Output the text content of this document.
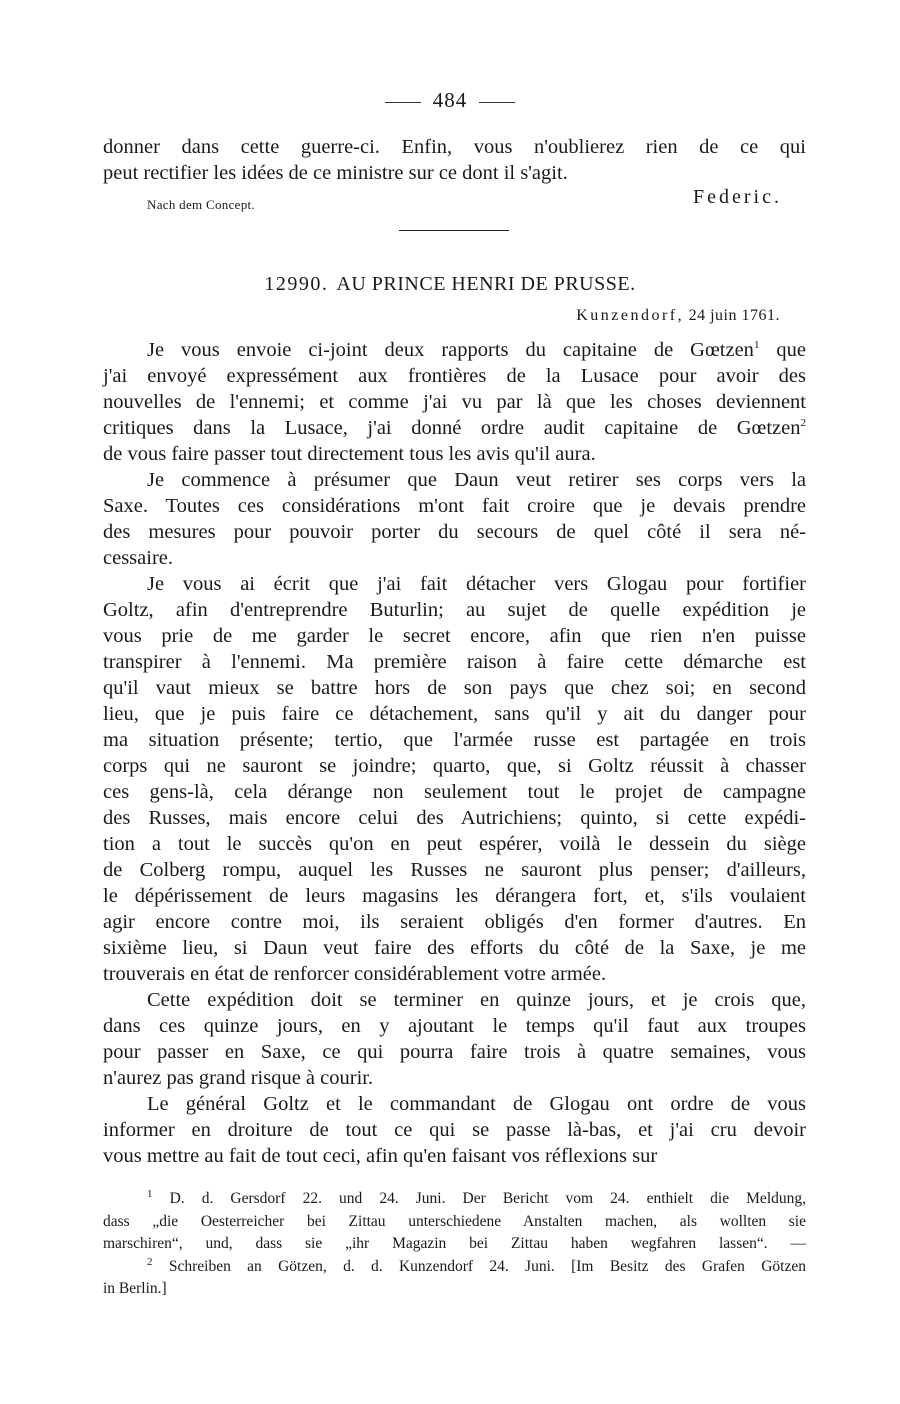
484
donner dans cette guerre-ci. Enfin, vous n'oublierez rien de ce qui
peut rectifier les idées de ce ministre sur ce dont il s'agit.
Nach dem Concept.	Federic.
12990. AU PRINCE HENRI DE PRUSSE.
Kunzendorf, 24 juin 1761.
Je vous envoie ci-joint deux rapports du capitaine de Gœtzen$^1$ que
j'ai envoyé expressément aux frontières de la Lusace pour avoir des
nouvelles de l'ennemi; et comme j'ai vu par là que les choses deviennent
critiques dans la Lusace, j'ai donné ordre audit capitaine de Gœtzen$^2$
de vous faire passer tout directement tous les avis qu'il aura.
Je commence à présumer que Daun veut retirer ses corps vers la
Saxe. Toutes ces considérations m'ont fait croire que je devais prendre
des mesures pour pouvoir porter du secours de quel côté il sera né-
cessaire.
Je vous ai écrit que j'ai fait détacher vers Glogau pour fortifier
Goltz, afin d'entreprendre Buturlin; au sujet de quelle expédition je
vous prie de me garder le secret encore, afin que rien n'en puisse
transpirer à l'ennemi. Ma première raison à faire cette démarche est
qu'il vaut mieux se battre hors de son pays que chez soi; en second
lieu, que je puis faire ce détachement, sans qu'il y ait du danger pour
ma situation présente; tertio, que l'armée russe est partagée en trois
corps qui ne sauront se joindre; quarto, que, si Goltz réussit à chasser
ces gens-là, cela dérange non seulement tout le projet de campagne
des Russes, mais encore celui des Autrichiens; quinto, si cette expédi-
tion a tout le succès qu'on en peut espérer, voilà le dessein du siège
de Colberg rompu, auquel les Russes ne sauront plus penser; d'ailleurs,
le dépérissement de leurs magasins les dérangera fort, et, s'ils voulaient
agir encore contre moi, ils seraient obligés d'en former d'autres. En
sixième lieu, si Daun veut faire des efforts du côté de la Saxe, je me
trouverais en état de renforcer considérablement votre armée.
Cette expédition doit se terminer en quinze jours, et je crois que,
dans ces quinze jours, en y ajoutant le temps qu'il faut aux troupes
pour passer en Saxe, ce qui pourra faire trois à quatre semaines, vous
n'aurez pas grand risque à courir.
Le général Goltz et le commandant de Glogau ont ordre de vous
informer en droiture de tout ce qui se passe là-bas, et j'ai cru devoir
vous mettre au fait de tout ceci, afin qu'en faisant vos réflexions sur
$^1$ D. d. Gersdorf 22. und 24. Juni. Der Bericht vom 24. enthielt die Meldung,
dass „die Oesterreicher bei Zittau unterschiedene Anstalten machen, als wollten sie
marschiren“, und, dass sie „ihr Magazin bei Zittau haben wegfahren lassen“. —
$^2$ Schreiben an Götzen, d. d. Kunzendorf 24. Juni. [Im Besitz des Grafen Götzen
in Berlin.]
